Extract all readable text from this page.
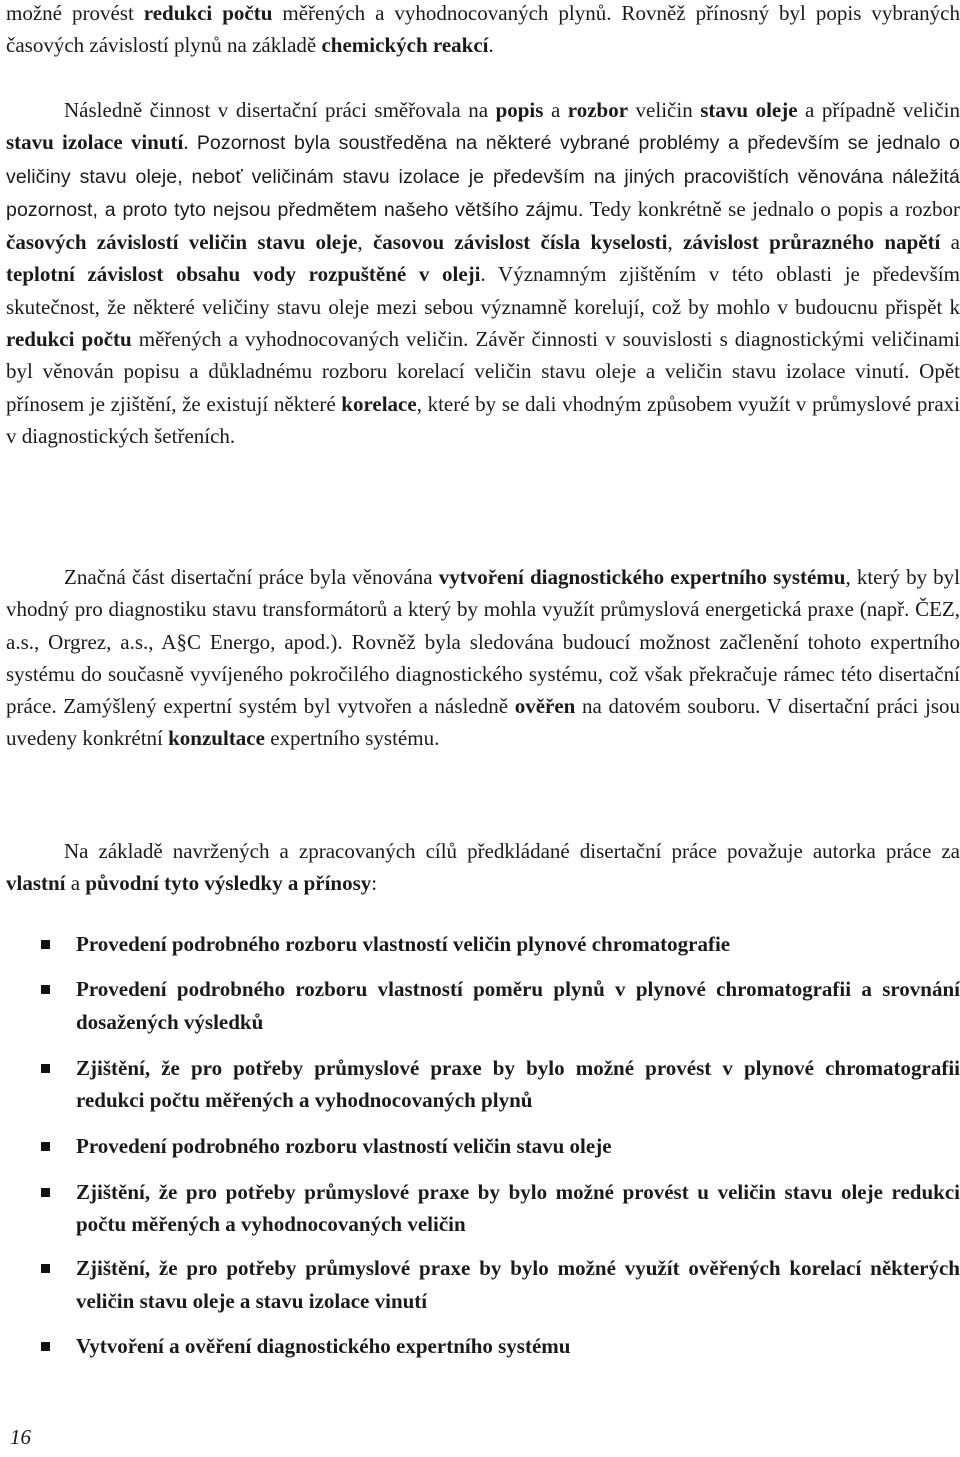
možné provést redukci počtu měřených a vyhodnocovaných plynů. Rovněž přínosný byl popis vybraných časových závislostí plynů na základě chemických reakcí.

Následně činnost v disertační práci směřovala na popis a rozbor veličin stavu oleje a případně veličin stavu izolace vinutí. Pozornost byla soustředěna na některé vybrané problémy a především se jednalo o veličiny stavu oleje, neboť veličinám stavu izolace je především na jiných pracovištích věnována náležitá pozornost, a proto tyto nejsou předmětem našeho většího zájmu. Tedy konkrétně se jednalo o popis a rozbor časových závislostí veličin stavu oleje, časovou závislost čísla kyselosti, závislost průrazného napětí a teplotní závislost obsahu vody rozpuštěné v oleji. Významným zjištěním v této oblasti je především skutečnost, že některé veličiny stavu oleje mezi sebou významně korelují, což by mohlo v budoucnu přispět k redukci počtu měřených a vyhodnocovaných veličin. Závěr činnosti v souvislosti s diagnostickými veličinami byl věnován popisu a důkladnému rozboru korelací veličin stavu oleje a veličin stavu izolace vinutí. Opět přínosem je zjištění, že existují některé korelace, které by se dali vhodným způsobem využít v průmyslové praxi v diagnostických šetřeních.

Značná část disertační práce byla věnována vytvoření diagnostického expertního systému, který by byl vhodný pro diagnostiku stavu transformátorů a který by mohla využít průmyslová energetická praxe (např. ČEZ, a.s., Orgrez, a.s., A§C Energo, apod.). Rovněž byla sledována budoucí možnost začlenění tohoto expertního systému do současně vyvíjeného pokročilého diagnostického systému, což však překračuje rámec této disertační práce. Zamýšlený expertní systém byl vytvořen a následně ověřen na datovém souboru. V disertační práci jsou uvedeny konkrétní konzultace expertního systému.

Na základě navržených a zpracovaných cílů předkládané disertační práce považuje autorka práce za vlastní a původní tyto výsledky a přínosy:

Provedení podrobného rozboru vlastností veličin plynové chromatografie
Provedení podrobného rozboru vlastností poměru plynů v plynové chromatografii a srovnání dosažených výsledků
Zjištění, že pro potřeby průmyslové praxe by bylo možné provést v plynové chromatografii redukci počtu měřených a vyhodnocovaných plynů
Provedení podrobného rozboru vlastností veličin stavu oleje
Zjištění, že pro potřeby průmyslové praxe by bylo možné provést u veličin stavu oleje redukci počtu měřených a vyhodnocovaných veličin
Zjištění, že pro potřeby průmyslové praxe by bylo možné využít ověřených korelací některých veličin stavu oleje a stavu izolace vinutí
Vytvoření a ověření diagnostického expertního systému
16
